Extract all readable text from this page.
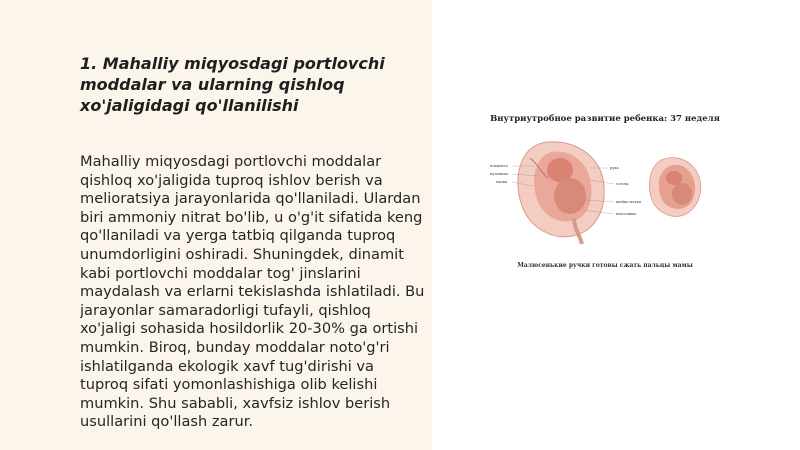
1. Mahalliy miqyosdagi portlovchi moddalar va ularning qishloq xo'jaligidagi qo'llanilishi

Mahalliy miqyosdagi portlovchi moddalar qishloq xo'jaligida tuproq ishlov berish va melioratsiya jarayonlarida qo'llaniladi. Ulardan biri ammoniy nitrat bo'lib, u o'g'it sifatida keng qo'llaniladi va yerga tatbiq qilganda tuproq unumdorligini oshiradi. Shuningdek, dinamit kabi portlovchi moddalar tog' jinslarini maydalash va erlarni tekislashda ishlatiladi. Bu jarayonlar samaradorligi tufayli, qishloq xo'jaligi sohasida hosildorlik 20-30% ga ortishi mumkin. Biroq, bunday moddalar noto'g'ri ishlatilganda ekologik xavf tug'dirishi va tuproq sifati yomonlashishiga olib kelishi mumkin. Shu sababli, xavfsiz ishlov berish usullarini qo'llash zarur.

Внутриутробное развитие ребенка: 37 неделя
плацента
пуповина
матка
рука
голова
шейка матки
влагалище
Малюсенькие ручки готовы сжать пальцы мамы
